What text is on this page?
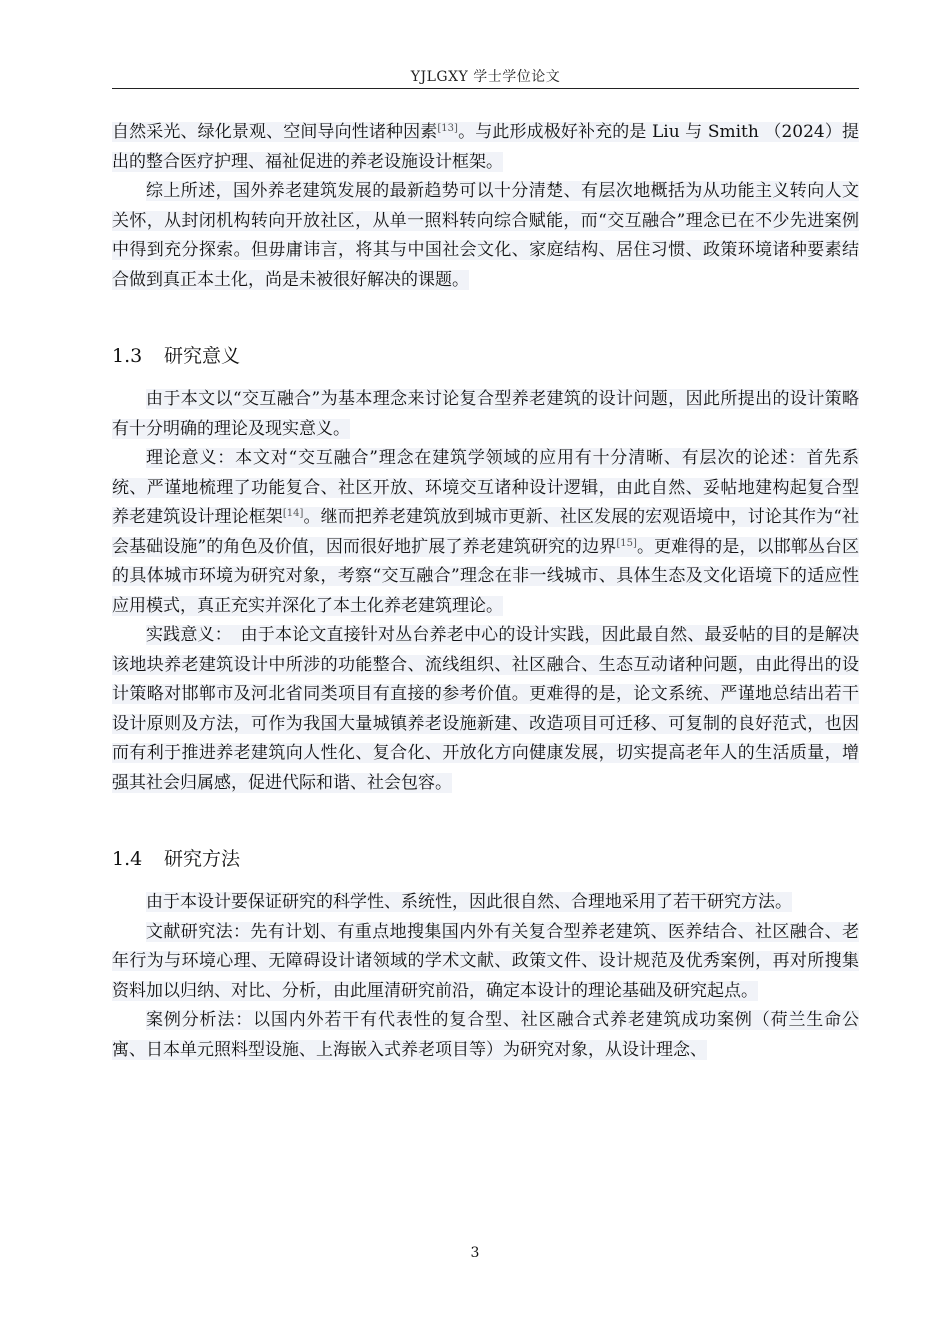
YJLGXY 学士学位论文

自然采光、绿化景观、空间导向性诸种因素[13]。与此形成极好补充的是 Liu 与 Smith （2024）提出的整合医疗护理、福祉促进的养老设施设计框架。

综上所述，国外养老建筑发展的最新趋势可以十分清楚、有层次地概括为从功能主义转向人文关怀，从封闭机构转向开放社区，从单一照料转向综合赋能，而“交互融合”理念已在不少先进案例中得到充分探索。但毋庸讳言，将其与中国社会文化、家庭结构、居住习惯、政策环境诸种要素结合做到真正本土化，尚是未被很好解决的课题。

1.3 研究意义

由于本文以“交互融合”为基本理念来讨论复合型养老建筑的设计问题，因此所提出的设计策略有十分明确的理论及现实意义。

理论意义：本文对“交互融合”理念在建筑学领域的应用有十分清晰、有层次的论述：首先系统、严谨地梳理了功能复合、社区开放、环境交互诸种设计逻辑，由此自然、妥帖地建构起复合型养老建筑设计理论框架[14]。继而把养老建筑放到城市更新、社区发展的宏观语境中，讨论其作为“社会基础设施”的角色及价值，因而很好地扩展了养老建筑研究的边界[15]。更难得的是，以邯郸丛台区的具体城市环境为研究对象，考察“交互融合”理念在非一线城市、具体生态及文化语境下的适应性应用模式，真正充实并深化了本土化养老建筑理论。

实践意义：　由于本论文直接针对丛台养老中心的设计实践，因此最自然、最妥帖的目的是解决该地块养老建筑设计中所涉的功能整合、流线组织、社区融合、生态互动诸种问题，由此得出的设计策略对邯郸市及河北省同类项目有直接的参考价值。更难得的是，论文系统、严谨地总结出若干设计原则及方法，可作为我国大量城镇养老设施新建、改造项目可迁移、可复制的良好范式，也因而有利于推进养老建筑向人性化、复合化、开放化方向健康发展，切实提高老年人的生活质量，增强其社会归属感，促进代际和谐、社会包容。

1.4 研究方法

由于本设计要保证研究的科学性、系统性，因此很自然、合理地采用了若干研究方法。

文献研究法：先有计划、有重点地搜集国内外有关复合型养老建筑、医养结合、社区融合、老年行为与环境心理、无障碍设计诸领域的学术文献、政策文件、设计规范及优秀案例，再对所搜集资料加以归纳、对比、分析，由此厘清研究前沿，确定本设计的理论基础及研究起点。

案例分析法：以国内外若干有代表性的复合型、社区融合式养老建筑成功案例（荷兰生命公寓、日本单元照料型设施、上海嵌入式养老项目等）为研究对象，从设计理念、

3
